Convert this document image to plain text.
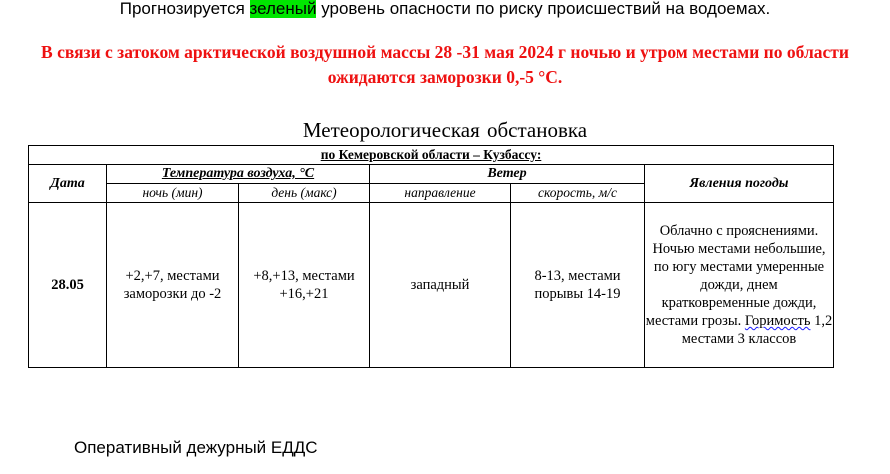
Прогнозируется зеленый уровень опасности по риску происшествий на водоемах.
В связи с затоком арктической воздушной массы 28 -31 мая 2024 г ночью и утром местами по области ожидаются заморозки 0,-5 °С.
Метеорологическая обстановка
по Кемеровской области – Кузбассу:					
Дата	Температура воздуха, °С		Ветер		Явления погоды
	ночь (мин)	день (макс)	направление	скорость, м/с	
28.05	+2,+7, местами заморозки до -2	+8,+13, местами +16,+21	западный	8-13, местами порывы 14-19	Облачно с прояснениями. Ночью местами небольшие, по югу местами умеренные дожди, днем кратковременные дожди, местами грозы. Горимость 1,2 местами 3 классов
Оперативный дежурный ЕДДС
